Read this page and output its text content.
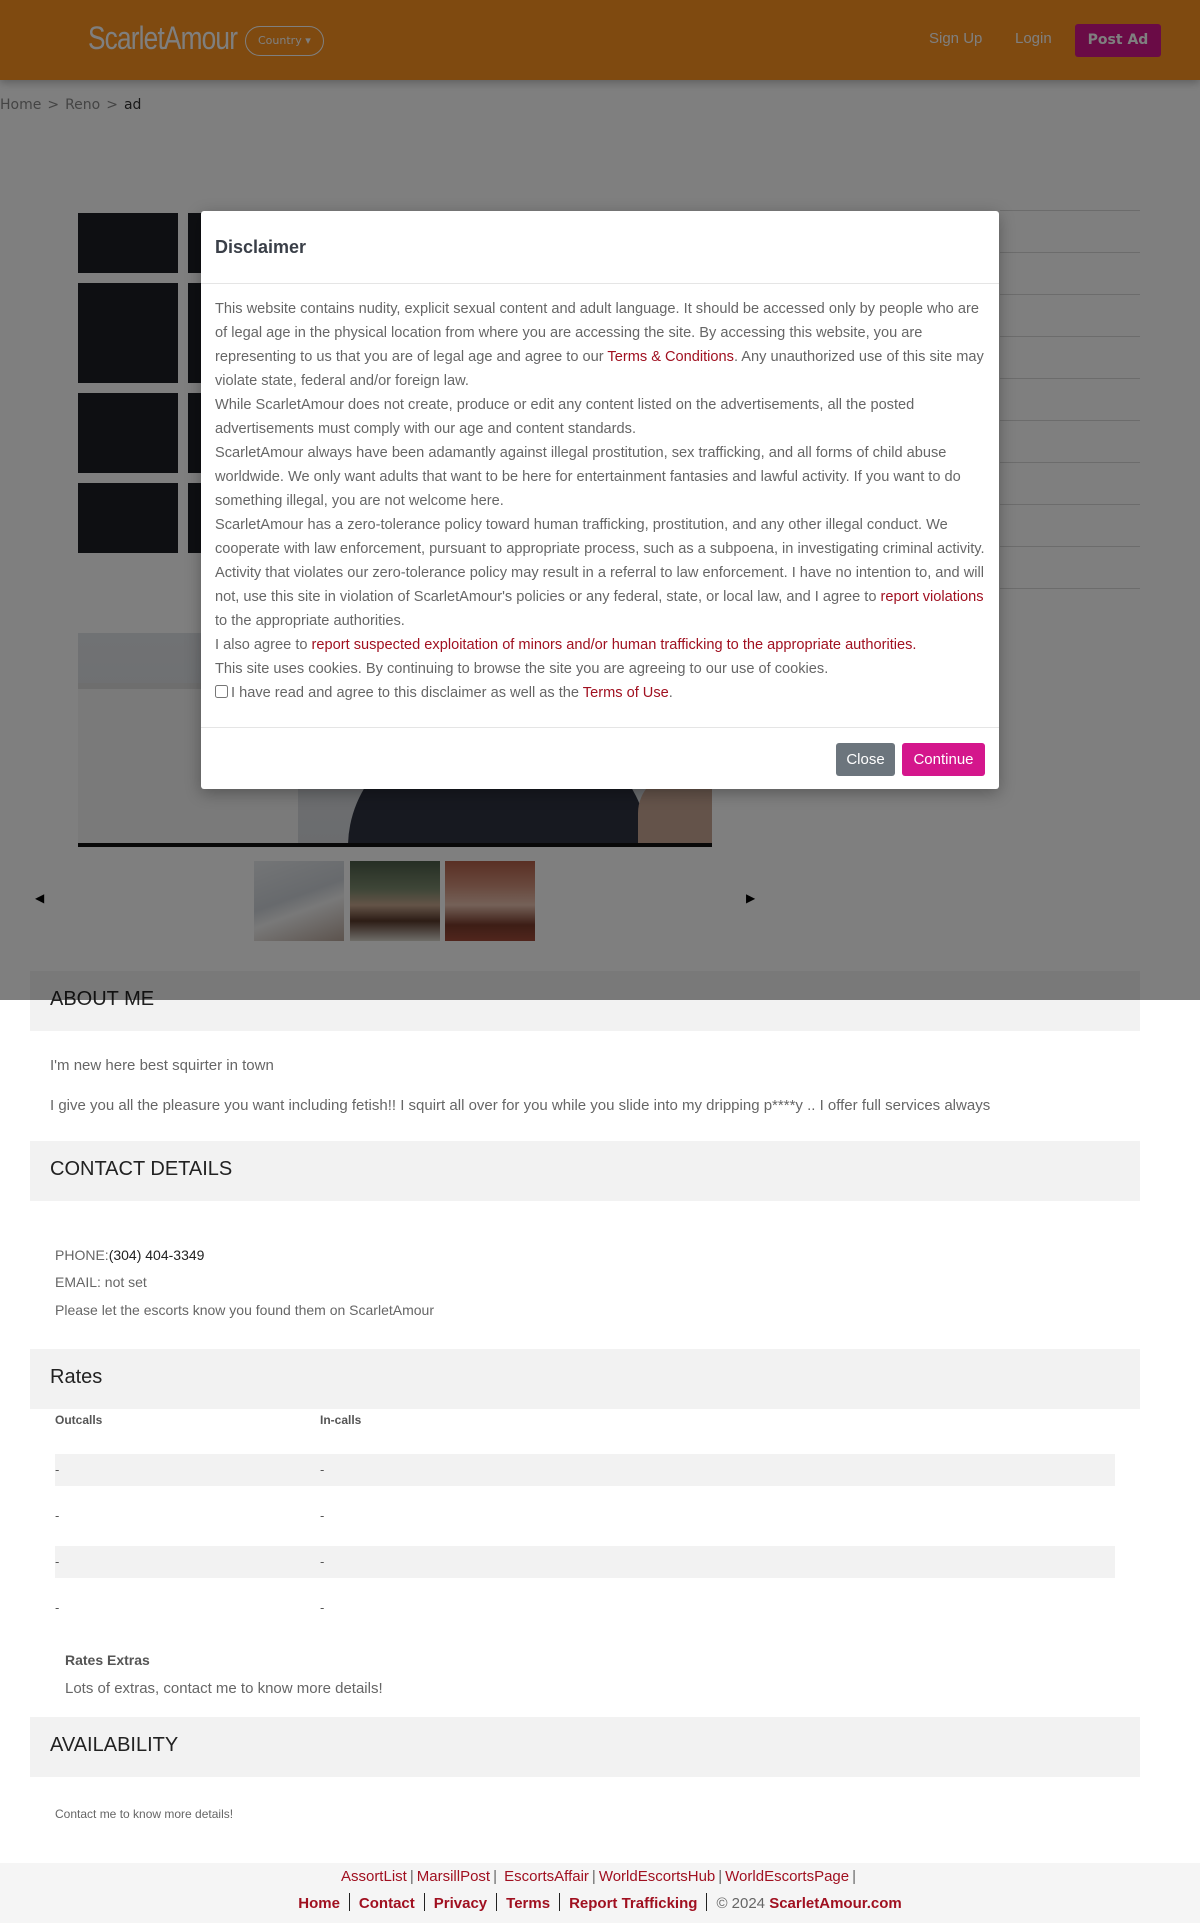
I'm new here best squirter in town
I give you all the pleasure you want including fetish!! I squirt all over for you while you slide into my dripping p****y .. I offer full services always
CONTACT DETAILS
PHONE:(304) 404-3349
EMAIL: not set
Please let the escorts know you found them on ScarletAmour
Rates
Outcalls	In-calls
-	-
-	-
-	-
-	-
Rates Extras
Lots of extras, contact me to know more details!
AVAILABILITY
Contact me to know more details!
AssortList | MarsillPost | EscortsAffair | WorldEscortsHub | WorldEscortsPage |
Home Contact Privacy Terms Report Trafficking © 2024 ScarletAmour.com
Disclaimer
This website contains nudity, explicit sexual content and adult language. It should be accessed only by people who are of legal age in the physical location from where you are accessing the site. By accessing this website, you are representing to us that you are of legal age and agree to our Terms & Conditions. Any unauthorized use of this site may violate state, federal and/or foreign law.
While ScarletAmour does not create, produce or edit any content listed on the advertisements, all the posted advertisements must comply with our age and content standards.
ScarletAmour always have been adamantly against illegal prostitution, sex trafficking, and all forms of child abuse worldwide. We only want adults that want to be here for entertainment fantasies and lawful activity. If you want to do something illegal, you are not welcome here.
ScarletAmour has a zero-tolerance policy toward human trafficking, prostitution, and any other illegal conduct. We cooperate with law enforcement, pursuant to appropriate process, such as a subpoena, in investigating criminal activity. Activity that violates our zero-tolerance policy may result in a referral to law enforcement. I have no intention to, and will not, use this site in violation of ScarletAmour's policies or any federal, state, or local law, and I agree to report violations to the appropriate authorities.
I also agree to report suspected exploitation of minors and/or human trafficking to the appropriate authorities.
This site uses cookies. By continuing to browse the site you are agreeing to our use of cookies.
I have read and agree to this disclaimer as well as the Terms of Use.
Close	Continue
